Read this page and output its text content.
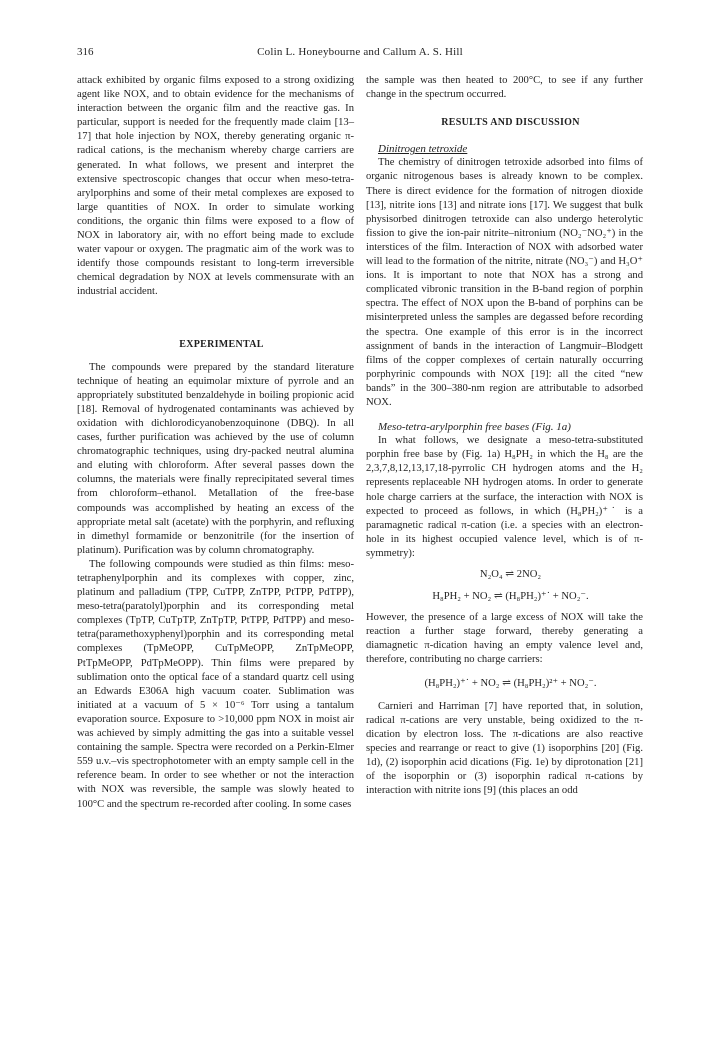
316	Colin L. Honeybourne and Callum A. S. Hill

attack exhibited by organic films exposed to a strong oxidizing agent like NOX, and to obtain evidence for the mechanisms of interaction between the organic film and the reactive gas. In particular, support is needed for the frequently made claim [13–17] that hole injection by NOX, thereby generating organic π-radical cations, is the mechanism whereby charge carriers are generated. In what follows, we present and interpret the extensive spectroscopic changes that occur when meso-tetra-arylporphins and some of their metal complexes are exposed to large quantities of NOX. In order to simulate working conditions, the organic thin films were exposed to a flow of NOX in laboratory air, with no effort being made to exclude water vapour or oxygen. The pragmatic aim of the work was to identify those compounds resistant to long-term irreversible chemical degradation by NOX at levels commensurate with an industrial accident.

EXPERIMENTAL

The compounds were prepared by the standard literature technique of heating an equimolar mixture of pyrrole and an appropriately substituted benzaldehyde in boiling propionic acid [18]. Removal of hydrogenated contaminants was achieved by oxidation with dichlorodicyanobenzoquinone (DBQ). In all cases, further purification was achieved by the use of column chromatographic techniques, using dry-packed neutral alumina and eluting with chloroform. After several passes down the columns, the materials were finally reprecipitated several times from chloroform–ethanol. Metallation of the free-base compounds was accomplished by heating an excess of the appropriate metal salt (acetate) with the porphyrin, and refluxing in dimethyl formamide or benzonitrile (for the insertion of platinum). Purification was by column chromatography.

The following compounds were studied as thin films: meso-tetraphenylporphin and its complexes with copper, zinc, platinum and palladium (TPP, CuTPP, ZnTPP, PtTPP, PdTPP), meso-tetra(paratolyl)porphin and its corresponding metal complexes (TpTP, CuTpTP, ZnTpTP, PtTPP, PdTPP) and meso-tetra(paramethoxyphenyl)porphin and its corresponding metal complexes (TpMeOPP, CuTpMeOPP, ZnTpMeOPP, PtTpMeOPP, PdTpMeOPP). Thin films were prepared by sublimation onto the optical face of a standard quartz cell using an Edwards E306A high vacuum coater. Sublimation was initiated at a vacuum of 5 × 10⁻⁶ Torr using a tantalum evaporation source. Exposure to >10,000 ppm NOX in moist air was achieved by simply admitting the gas into a suitable vessel containing the sample. Spectra were recorded on a Perkin-Elmer 559 u.v.–vis spectrophotometer with an empty sample cell in the reference beam. In order to see whether or not the interaction with NOX was reversible, the sample was slowly heated to 100°C and the spectrum re-recorded after cooling. In some cases

the sample was then heated to 200°C, to see if any further change in the spectrum occurred.

RESULTS AND DISCUSSION

Dinitrogen tetroxide

The chemistry of dinitrogen tetroxide adsorbed into films of organic nitrogenous bases is already known to be complex. There is direct evidence for the formation of nitrogen dioxide [13], nitrite ions [13] and nitrate ions [17]. We suggest that bulk physisorbed dinitrogen tetroxide can also undergo heterolytic fission to give the ion-pair nitrite–nitronium (NO₂⁻NO₂⁺) in the interstices of the film. Interaction of NOX with adsorbed water will lead to the formation of the nitrite, nitrate (NO₃⁻) and H₃O⁺ ions. It is important to note that NOX has a strong and complicated vibronic transition in the B-band region of porphin spectra. The effect of NOX upon the B-band of porphins can be misinterpreted unless the samples are degassed before recording the spectra. One example of this error is in the incorrect assignment of bands in the interaction of Langmuir–Blodgett films of the copper complexes of certain naturally occurring porphyrinic compounds with NOX [19]: all the cited “new bands” in the 300–380-nm region are attributable to adsorbed NOX.

Meso-tetra-arylporphin free bases (Fig. 1a)

In what follows, we designate a meso-tetra-substituted porphin free base by (Fig. 1a) H₈PH₂ in which the H₈ are the 2,3,7,8,12,13,17,18-pyrrolic CH hydrogen atoms and the H₂ represents replaceable NH hydrogen atoms. In order to generate hole charge carriers at the surface, the interaction with NOX is expected to proceed as follows, in which (H₈PH₂)⁺˙ is a paramagnetic radical π-cation (i.e. a species with an electron-hole in its highest occupied valence level, which is of π-symmetry):

N₂O₄ ⇌ 2NO₂

H₈PH₂ + NO₂ ⇌ (H₈PH₂)⁺˙ + NO₂⁻.

However, the presence of a large excess of NOX will take the reaction a further stage forward, thereby generating a diamagnetic π-dication having an empty valence level and, therefore, contributing no charge carriers:

(H₈PH₂)⁺˙ + NO₂ ⇌ (H₈PH₂)²⁺ + NO₂⁻.

Carnieri and Harriman [7] have reported that, in solution, radical π-cations are very unstable, being oxidized to the π-dication by electron loss. The π-dications are also reactive species and rearrange or react to give (1) isoporphins [20] (Fig. 1d), (2) isoporphin acid dications (Fig. 1e) by diprotonation [21] of the isoporphin or (3) isoporphin radical π-cations by interaction with nitrite ions [9] (this places an odd
